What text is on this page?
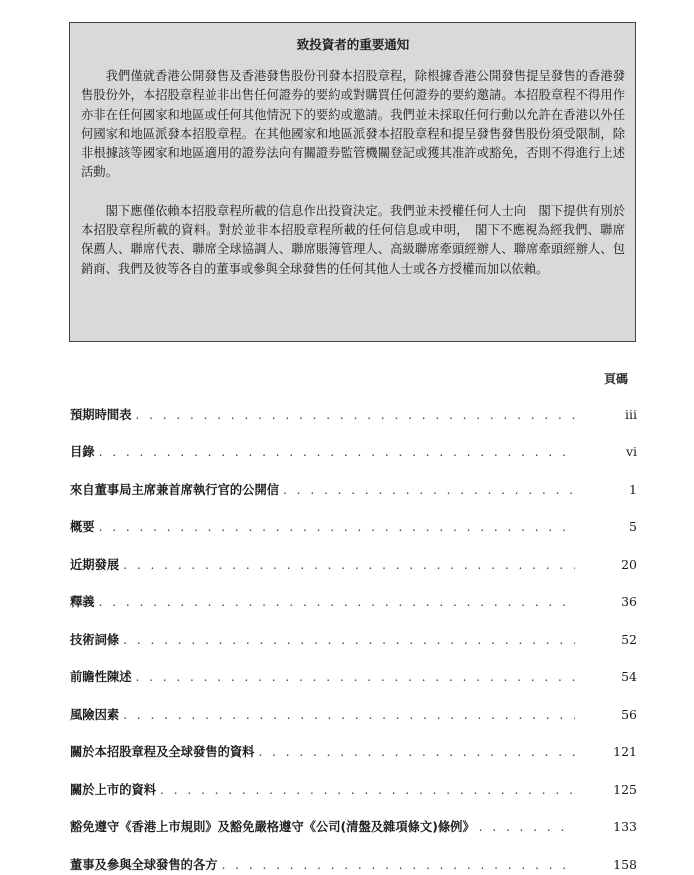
致投資者的重要通知

我們僅就香港公開發售及香港發售股份刊發本招股章程，除根據香港公開發售提呈發售的香港發售股份外，本招股章程並非出售任何證券的要約或對購買任何證券的要約邀請。本招股章程不得用作亦非在任何國家和地區或任何其他情況下的要約或邀請。我們並未採取任何行動以允許在香港以外任何國家和地區派發本招股章程。在其他國家和地區派發本招股章程和提呈發售發售股份須受限制，除非根據該等國家和地區適用的證券法向有關證券監管機關登記或獲其准許或豁免，否則不得進行上述活動。

閣下應僅依賴本招股章程所載的信息作出投資決定。我們並未授權任何人士向　閣下提供有別於本招股章程所載的資料。對於並非本招股章程所載的任何信息或申明，　閣下不應視為經我們、聯席保薦人、聯席代表、聯席全球協調人、聯席賬簿管理人、高級聯席牽頭經辦人、聯席牽頭經辦人、包銷商、我們及彼等各自的董事或參與全球發售的任何其他人士或各方授權而加以依賴。

頁碼
預期時間表 . . .	iii
目錄 . . .	vi
來自董事局主席兼首席執行官的公開信 . . .	1
概要 . . .	5
近期發展 . . .	20
釋義 . . .	36
技術詞條 . . .	52
前瞻性陳述 . . .	54
風險因素 . . .	56
關於本招股章程及全球發售的資料 . . .	121
關於上市的資料 . . .	125
豁免遵守《香港上市規則》及豁免嚴格遵守《公司(清盤及雜項條文)條例》 . . .	133
董事及參與全球發售的各方 . . .	158
